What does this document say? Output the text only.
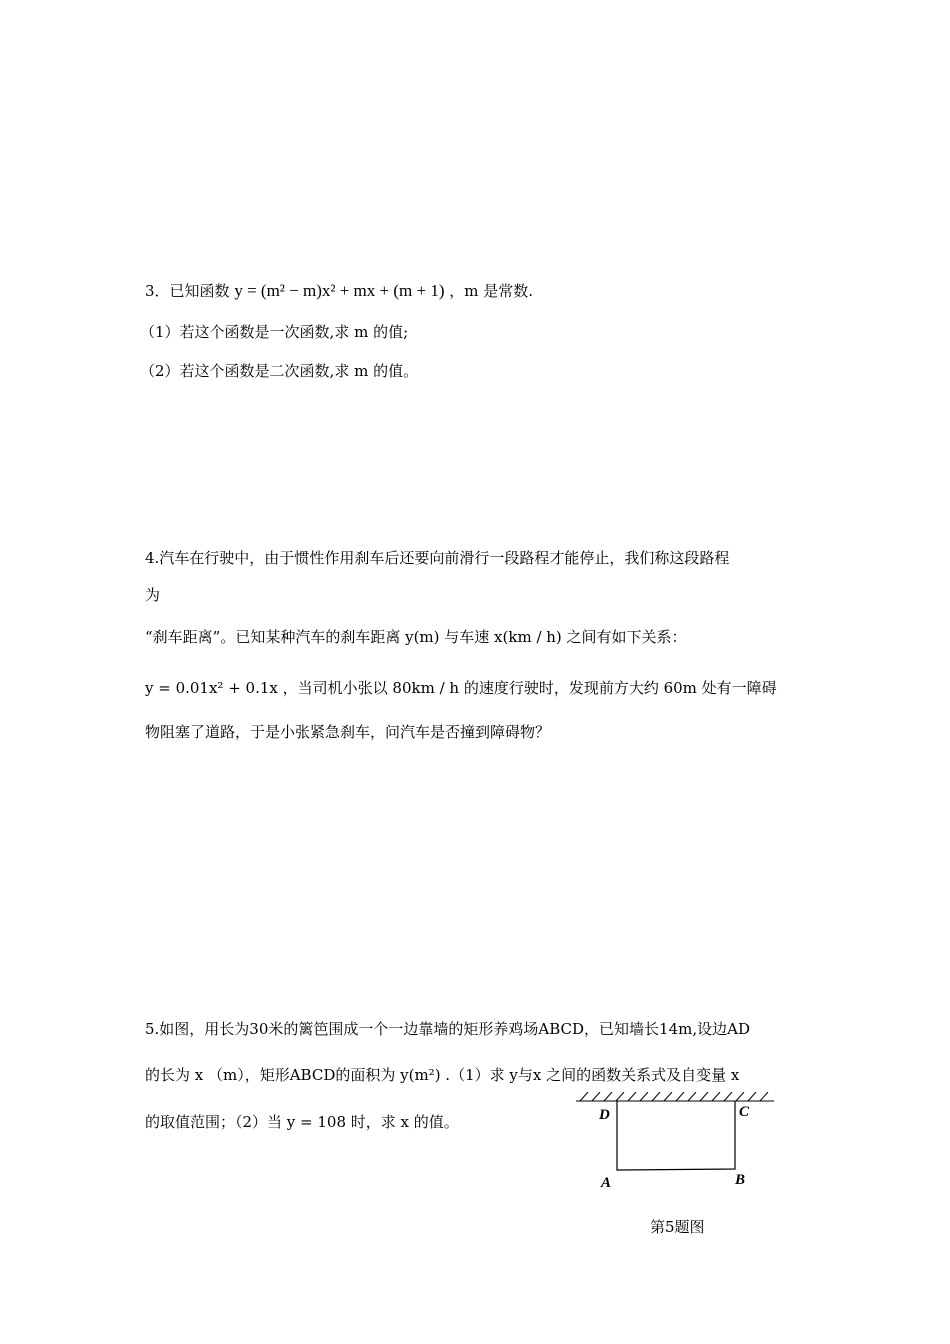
3．已知函数 y = (m² − m)x² + mx + (m + 1) ，m 是常数.
（1）若这个函数是一次函数,求 m 的值;
（2）若这个函数是二次函数,求 m 的值。
4.汽车在行驶中，由于惯性作用刹车后还要向前滑行一段路程才能停止，我们称这段路程
为
“刹车距离”。已知某种汽车的刹车距离 y(m) 与车速 x(km / h) 之间有如下关系：
y = 0.01x² + 0.1x ，当司机小张以 80km / h 的速度行驶时，发现前方大约 60m 处有一障碍
物阻塞了道路，于是小张紧急刹车，问汽车是否撞到障碍物？
5.如图，用长为30米的篱笆围成一个一边靠墙的矩形养鸡场ABCD，已知墙长14m,设边AD
的长为 x （m），矩形ABCD的面积为 y(m²) .（1）求 y与x 之间的函数关系式及自变量 x
的取值范围；（2）当 y = 108 时，求 x 的值。	D	C
A	B
第5题图
